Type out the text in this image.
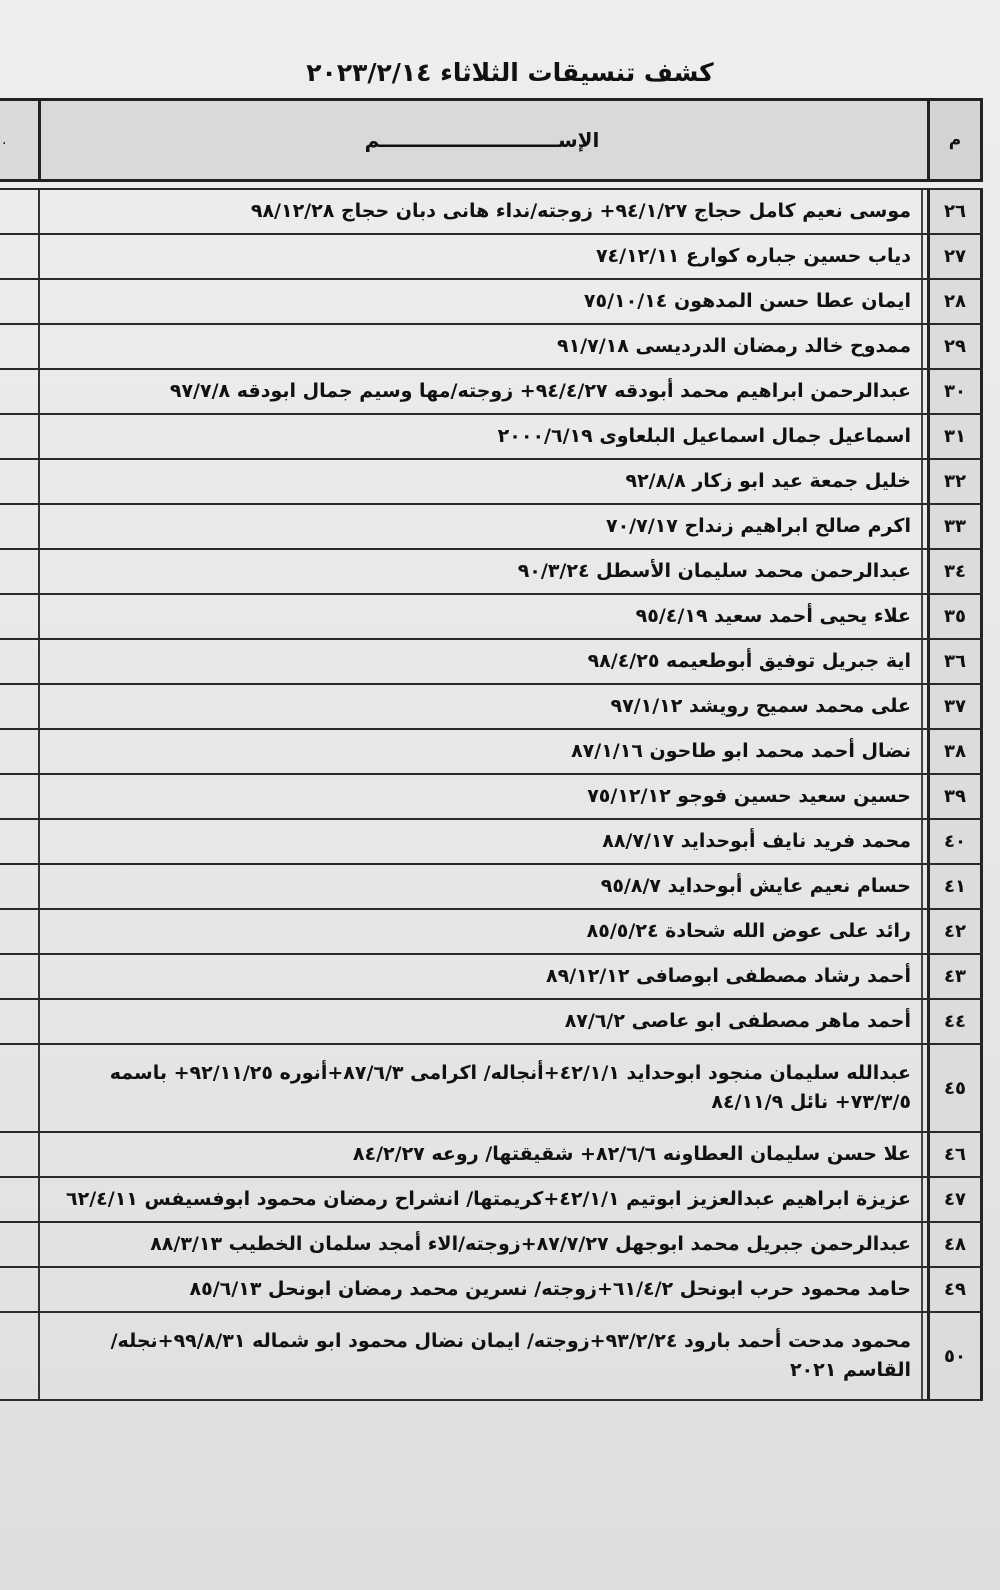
كشف تنسيقات الثلاثاء ٢٠٢٣/٢/١٤
م
الإســــــــــــــــــــــــــم
.
٢٦
موسى نعيم كامل حجاج ٩٤/١/٢٧+ زوجته/نداء هانى دبان حجاج ٩٨/١٢/٢٨
٢٧
دياب حسين جباره كوارع ٧٤/١٢/١١
٢٨
ايمان عطا حسن المدهون ٧٥/١٠/١٤
٢٩
ممدوح خالد رمضان الدرديسى ٩١/٧/١٨
٣٠
عبدالرحمن ابراهيم محمد أبودقه ٩٤/٤/٢٧+ زوجته/مها وسيم جمال ابودقه ٩٧/٧/٨
٣١
اسماعيل جمال اسماعيل البلعاوى ٢٠٠٠/٦/١٩
٣٢
خليل جمعة عيد ابو زكار ٩٢/٨/٨
٣٣
اكرم صالح ابراهيم زنداح ٧٠/٧/١٧
٣٤
عبدالرحمن محمد سليمان الأسطل ٩٠/٣/٢٤
٣٥
علاء يحيى أحمد سعيد ٩٥/٤/١٩
٣٦
اية جبريل توفيق أبوطعيمه ٩٨/٤/٢٥
٣٧
على محمد سميح رويشد ٩٧/١/١٢
٣٨
نضال أحمد محمد ابو طاحون ٨٧/١/١٦
٣٩
حسين سعيد حسين فوجو ٧٥/١٢/١٢
٤٠
محمد فريد نايف أبوحدايد ٨٨/٧/١٧
٤١
حسام نعيم عايش أبوحدايد ٩٥/٨/٧
٤٢
رائد على عوض الله شحادة ٨٥/٥/٢٤
٤٣
أحمد رشاد مصطفى ابوصافى ٨٩/١٢/١٢
٤٤
أحمد ماهر مصطفى ابو عاصى ٨٧/٦/٢
٤٥
عبدالله سليمان منجود ابوحدايد ٤٢/١/١+أنجاله/ اكرامى ٨٧/٦/٣+أنوره ٩٢/١١/٢٥+ باسمه ٧٣/٣/٥+ نائل ٨٤/١١/٩
٤٦
علا حسن سليمان العطاونه ٨٢/٦/٦+ شقيقتها/ روعه ٨٤/٢/٢٧
٤٧
عزيزة ابراهيم عبدالعزيز ابوتيم ٤٢/١/١+كريمتها/ انشراح رمضان محمود ابوفسيفس ٦٢/٤/١١
٤٨
عبدالرحمن جبريل محمد ابوجهل ٨٧/٧/٢٧+زوجته/الاء أمجد سلمان الخطيب ٨٨/٣/١٣
٤٩
حامد محمود حرب ابونحل ٦١/٤/٢+زوجته/ نسرين محمد رمضان ابونحل ٨٥/٦/١٣
٥٠
محمود مدحت أحمد بارود ٩٣/٢/٢٤+زوجته/ ايمان نضال محمود ابو شماله ٩٩/٨/٣١+نجله/ القاسم ٢٠٢١
